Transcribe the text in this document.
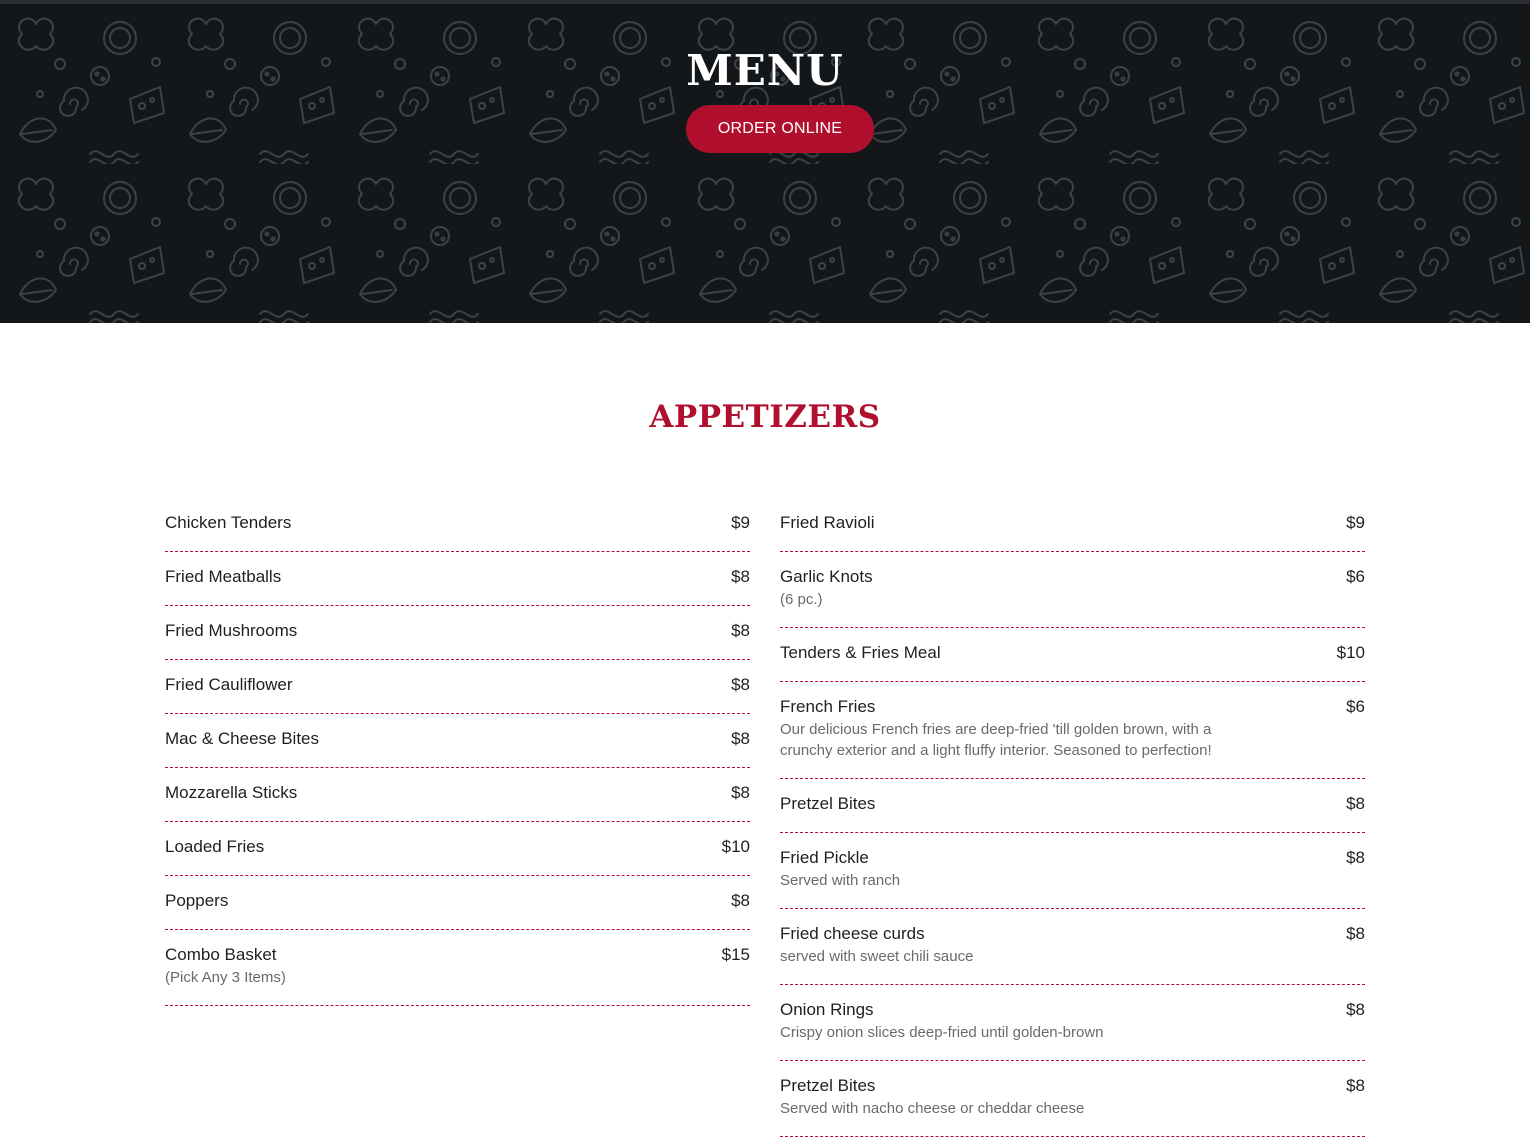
MENU
ORDER ONLINE
APPETIZERS
Chicken Tenders	$9
Fried Meatballs	$8
Fried Mushrooms	$8
Fried Cauliflower	$8
Mac & Cheese Bites	$8
Mozzarella Sticks	$8
Loaded Fries	$10
Poppers	$8
Combo Basket	$15
(Pick Any 3 Items)
Fried Ravioli	$9
Garlic Knots	$6
(6 pc.)
Tenders & Fries Meal	$10
French Fries	$6
Our delicious French fries are deep-fried 'till golden brown, with a crunchy exterior and a light fluffy interior. Seasoned to perfection!
Pretzel Bites	$8
Fried Pickle	$8
Served with ranch
Fried cheese curds	$8
served with sweet chili sauce
Onion Rings	$8
Crispy onion slices deep-fried until golden-brown
Pretzel Bites	$8
Served with nacho cheese or cheddar cheese
